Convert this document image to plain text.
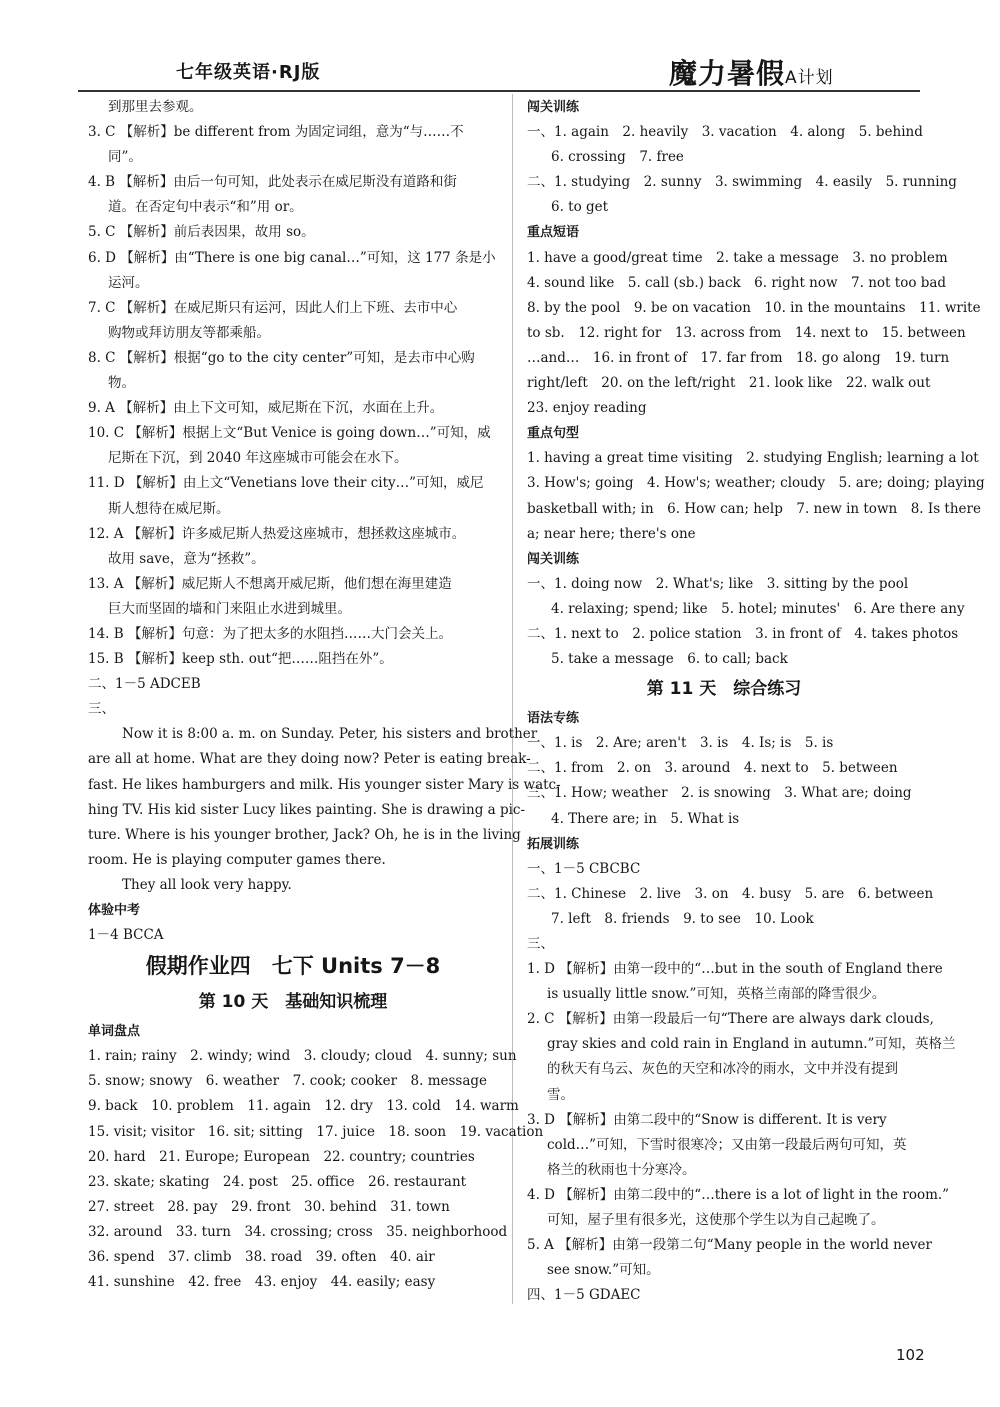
七年级英语·RJ版	魔力暑假A计划
到那里去参观。
3. C 【解析】be different from 为固定词组，意为“与……不
同”。
4. B 【解析】由后一句可知，此处表示在威尼斯没有道路和街
道。在否定句中表示“和”用 or。
5. C 【解析】前后表因果，故用 so。
6. D 【解析】由“There is one big canal…”可知，这 177 条是小
运河。
7. C 【解析】在威尼斯只有运河，因此人们上下班、去市中心
购物或拜访朋友等都乘船。
8. C 【解析】根据“go to the city center”可知，是去市中心购
物。
9. A 【解析】由上下文可知，威尼斯在下沉，水面在上升。
10. C 【解析】根据上文“But Venice is going down…”可知，威
尼斯在下沉，到 2040 年这座城市可能会在水下。
11. D 【解析】由上文“Venetians love their city…”可知，威尼
斯人想待在威尼斯。
12. A 【解析】许多威尼斯人热爱这座城市，想拯救这座城市。
故用 save，意为“拯救”。
13. A 【解析】威尼斯人不想离开威尼斯，他们想在海里建造
巨大而坚固的墙和门来阻止水进到城里。
14. B 【解析】句意：为了把太多的水阻挡……大门会关上。
15. B 【解析】keep sth. out“把……阻挡在外”。
二、1－5 ADCEB
三、
Now it is 8:00 a. m. on Sunday. Peter, his sisters and brother
are all at home. What are they doing now? Peter is eating break-
fast. He likes hamburgers and milk. His younger sister Mary is watc-
hing TV. His kid sister Lucy likes painting. She is drawing a pic-
ture. Where is his younger brother, Jack? Oh, he is in the living
room. He is playing computer games there.
They all look very happy.
体验中考
1－4 BCCA
假期作业四　七下 Units 7－8
第 10 天　基础知识梳理
单词盘点
1. rain; rainy　2. windy; wind　3. cloudy; cloud　4. sunny; sun
5. snow; snowy　6. weather　7. cook; cooker　8. message
9. back　10. problem　11. again　12. dry　13. cold　14. warm
15. visit; visitor　16. sit; sitting　17. juice　18. soon　19. vacation
20. hard　21. Europe; European　22. country; countries
23. skate; skating　24. post　25. office　26. restaurant
27. street　28. pay　29. front　30. behind　31. town
32. around　33. turn　34. crossing; cross　35. neighborhood
36. spend　37. climb　38. road　39. often　40. air
41. sunshine　42. free　43. enjoy　44. easily; easy
闯关训练
一、1. again　2. heavily　3. vacation　4. along　5. behind
6. crossing　7. free
二、1. studying　2. sunny　3. swimming　4. easily　5. running
6. to get
重点短语
1. have a good/great time　2. take a message　3. no problem
4. sound like　5. call (sb.) back　6. right now　7. not too bad
8. by the pool　9. be on vacation　10. in the mountains　11. write
to sb.　12. right for　13. across from　14. next to　15. between
…and…　16. in front of　17. far from　18. go along　19. turn
right/left　20. on the left/right　21. look like　22. walk out
23. enjoy reading
重点句型
1. having a great time visiting　2. studying English; learning a lot
3. How's; going　4. How's; weather; cloudy　5. are; doing; playing
basketball with; in　6. How can; help　7. new in town　8. Is there
a; near here; there's one
闯关训练
一、1. doing now　2. What's; like　3. sitting by the pool
4. relaxing; spend; like　5. hotel; minutes'　6. Are there any
二、1. next to　2. police station　3. in front of　4. takes photos
5. take a message　6. to call; back
第 11 天　综合练习
语法专练
一、1. is　2. Are; aren't　3. is　4. Is; is　5. is
二、1. from　2. on　3. around　4. next to　5. between
三、1. How; weather　2. is snowing　3. What are; doing
4. There are; in　5. What is
拓展训练
一、1－5 CBCBC
二、1. Chinese　2. live　3. on　4. busy　5. are　6. between
7. left　8. friends　9. to see　10. Look
三、
1. D 【解析】由第一段中的“…but in the south of England there
is usually little snow.”可知，英格兰南部的降雪很少。
2. C 【解析】由第一段最后一句“There are always dark clouds,
gray skies and cold rain in England in autumn.”可知，英格兰
的秋天有乌云、灰色的天空和冰冷的雨水，文中并没有提到
雪。
3. D 【解析】由第二段中的“Snow is different. It is very
cold…”可知，下雪时很寒冷；又由第一段最后两句可知，英
格兰的秋雨也十分寒冷。
4. D 【解析】由第二段中的“…there is a lot of light in the room.”
可知，屋子里有很多光，这使那个学生以为自己起晚了。
5. A 【解析】由第一段第二句“Many people in the world never
see snow.”可知。
四、1－5 GDAEC
102
